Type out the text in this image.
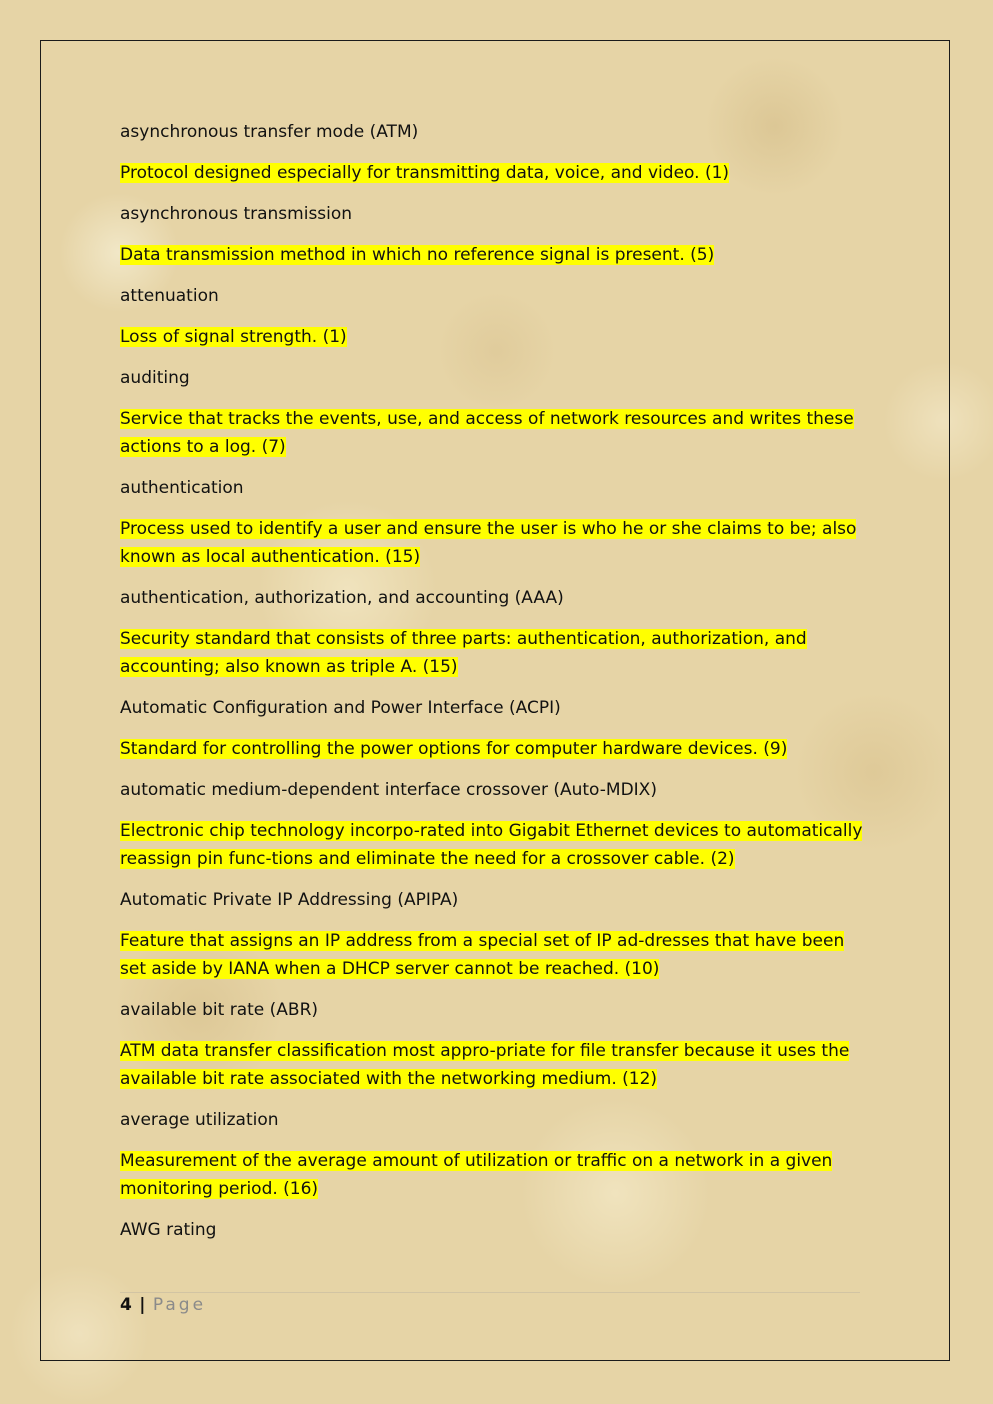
asynchronous transfer mode (ATM)

Protocol designed especially for transmitting data, voice, and video. (1)

asynchronous transmission

Data transmission method in which no reference signal is present. (5)

attenuation

Loss of signal strength. (1)

auditing

Service that tracks the events, use, and access of network resources and writes these actions to a log. (7)

authentication

Process used to identify a user and ensure the user is who he or she claims to be; also known as local authentication. (15)

authentication, authorization, and accounting (AAA)

Security standard that consists of three parts: authentication, authorization, and accounting; also known as triple A. (15)

Automatic Configuration and Power Interface (ACPI)

Standard for controlling the power options for computer hardware devices. (9)

automatic medium-dependent interface crossover (Auto-MDIX)

Electronic chip technology incorpo-rated into Gigabit Ethernet devices to automatically reassign pin func-tions and eliminate the need for a crossover cable. (2)

Automatic Private IP Addressing (APIPA)

Feature that assigns an IP address from a special set of IP ad-dresses that have been set aside by IANA when a DHCP server cannot be reached. (10)

available bit rate (ABR)

ATM data transfer classification most appro-priate for file transfer because it uses the available bit rate associated with the networking medium. (12)

average utilization

Measurement of the average amount of utilization or traffic on a network in a given monitoring period. (16)

AWG rating

4 | Page
